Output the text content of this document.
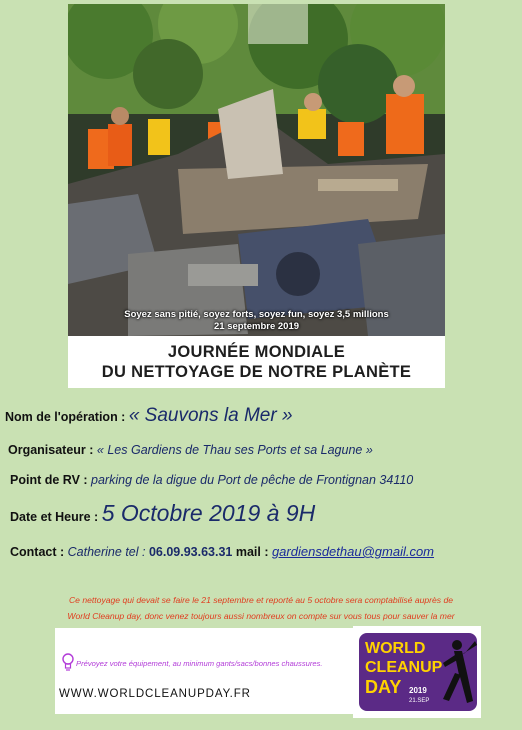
Soyez sans pitié, soyez forts, soyez fun, soyez 3,5 millions
21 septembre 2019
JOURNÉE MONDIALE
DU NETTOYAGE DE NOTRE PLANÈTE
Nom de l'opération : « Sauvons la Mer »
Organisateur : « Les Gardiens de Thau ses Ports et sa Lagune »
Point de RV : parking de la digue du Port de pêche de Frontignan 34110
Date et Heure : 5 Octobre 2019 à 9H
Contact : Catherine tel : 06.09.93.63.31 mail : gardiensdethau@gmail.com
Ce nettoyage qui devait se faire le 21 septembre et reporté au 5 octobre sera comptabilisé auprès de
World Cleanup day, donc venez toujours aussi nombreux on compte sur vous tous pour sauver la mer
Prévoyez votre équipement, au minimum gants/sacs/bonnes chaussures.
WWW.WORLDCLEANUPDAY.FR
WORLD
CLEANUP
DAY 2019
21.SEP
